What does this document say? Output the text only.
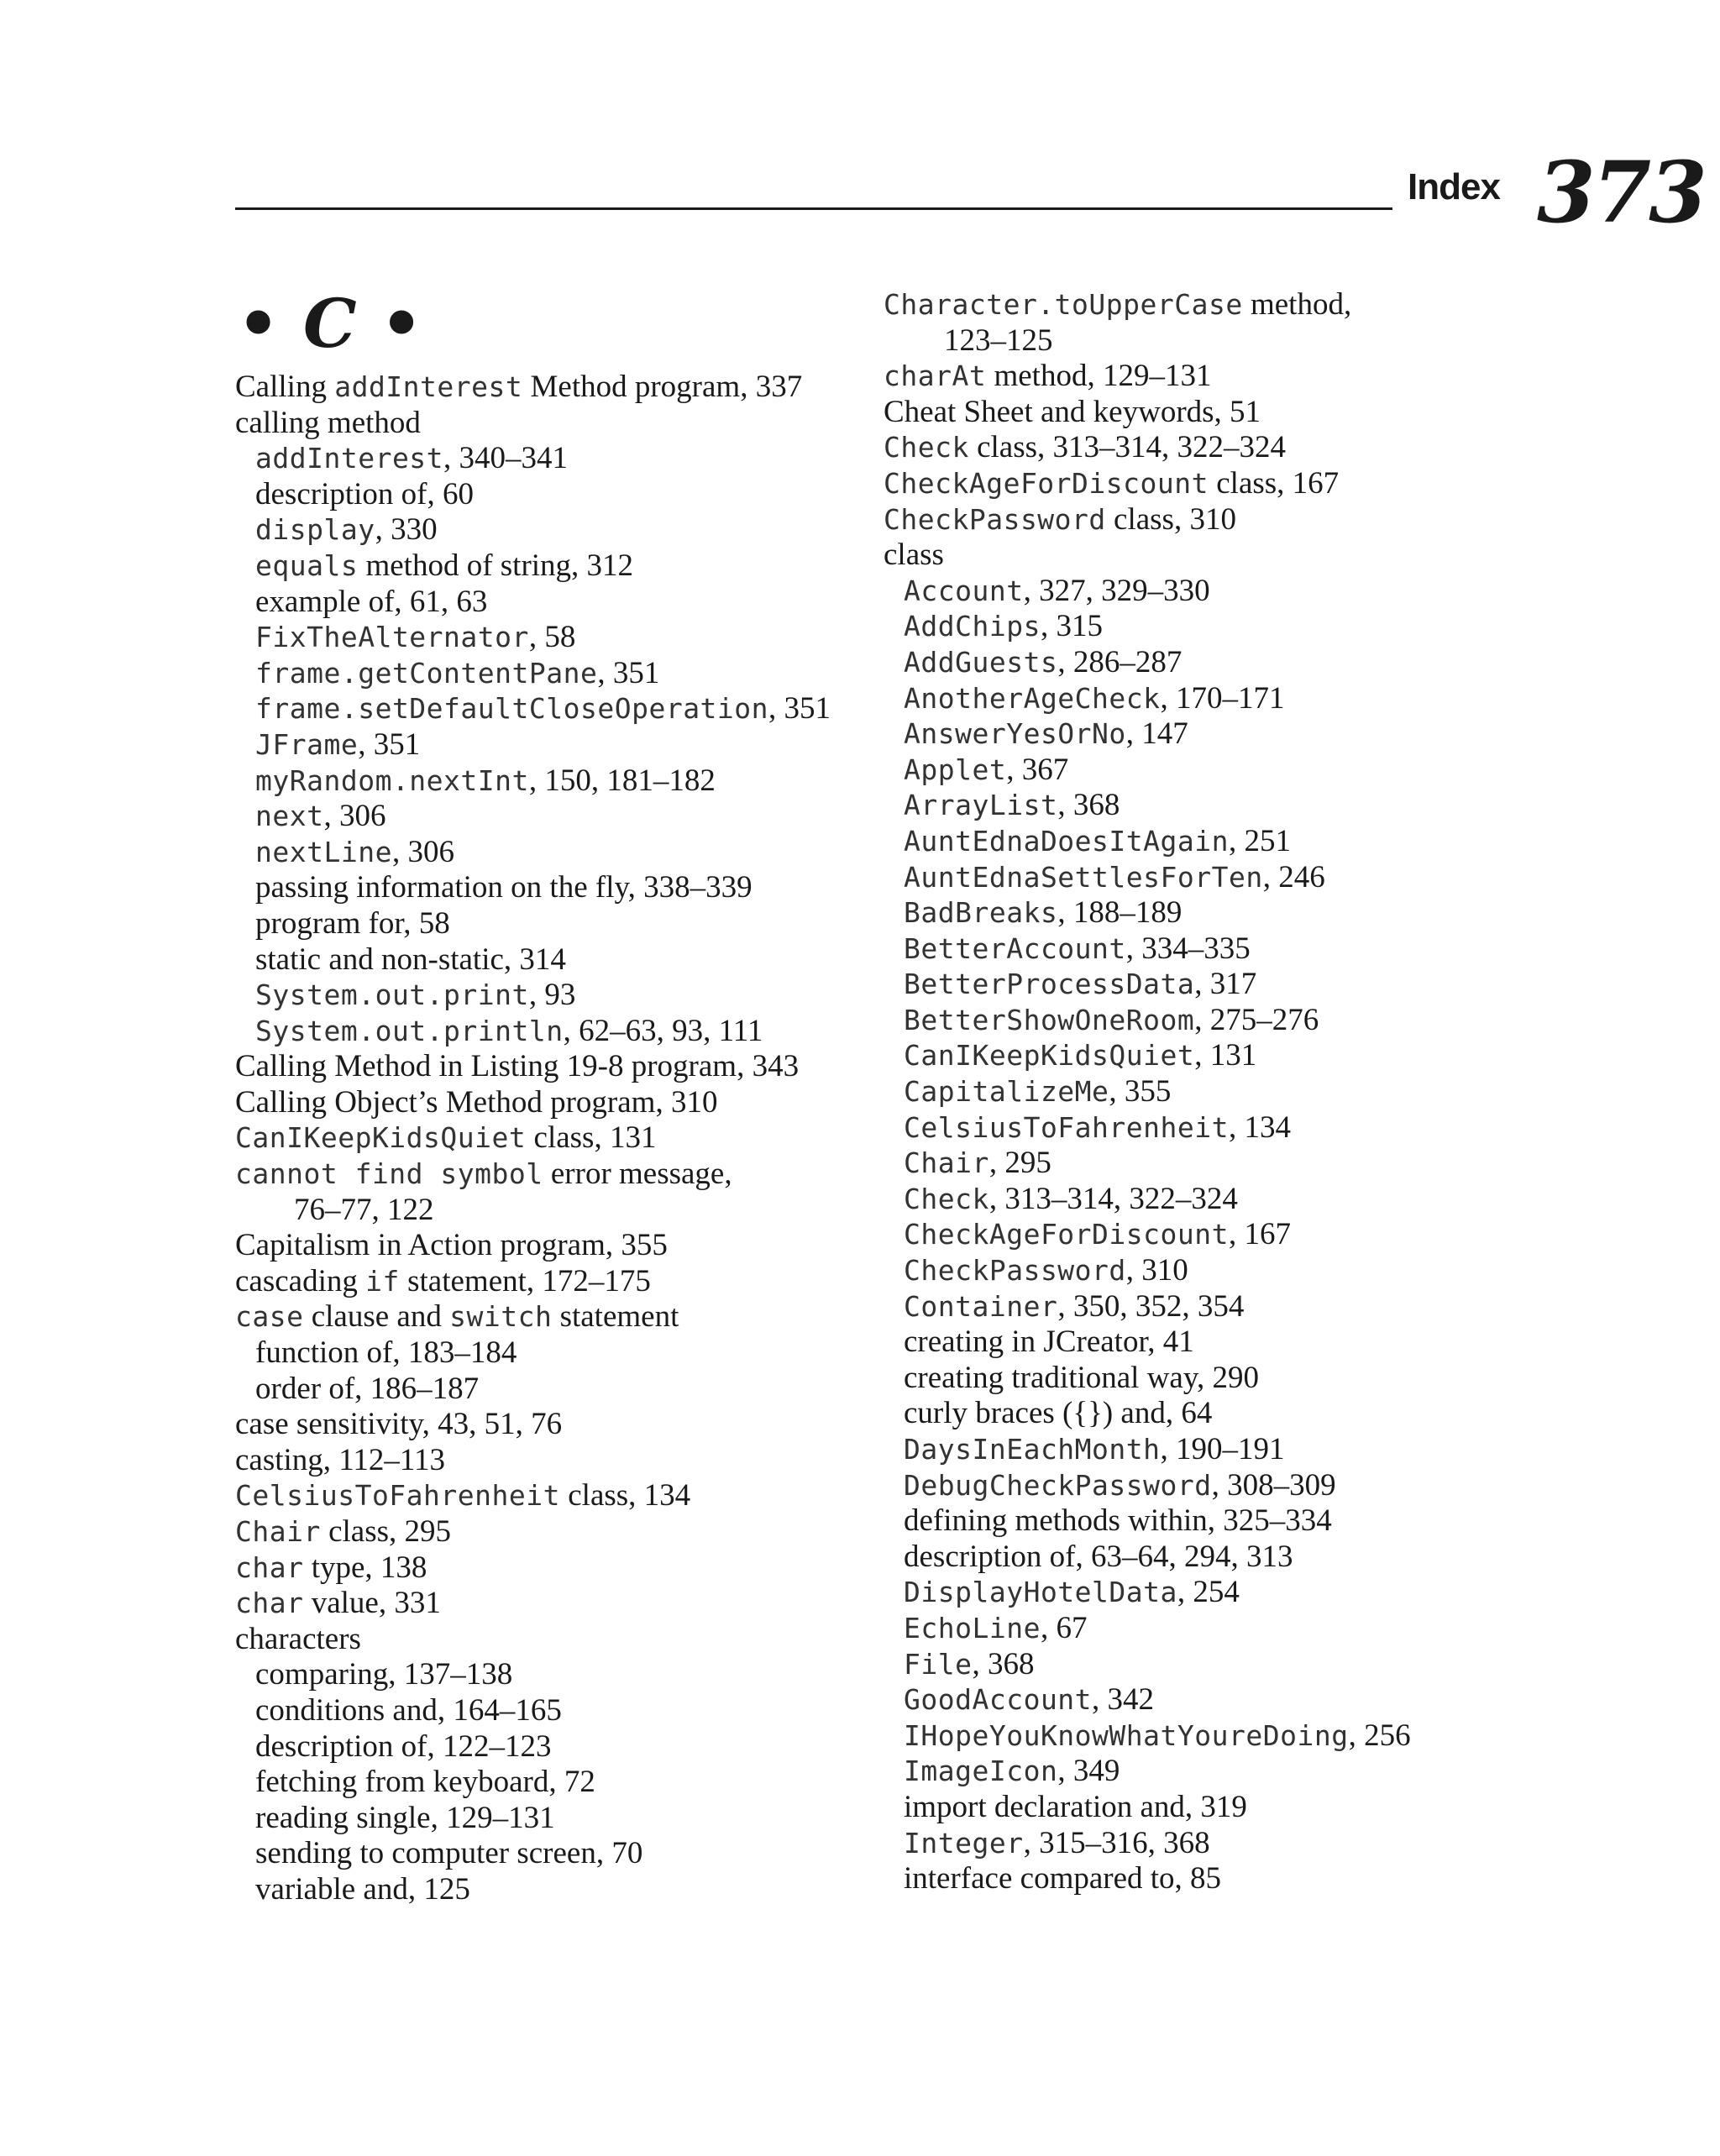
Index 373
• C •
Calling addInterest Method program, 337
calling method
addInterest, 340–341
description of, 60
display, 330
equals method of string, 312
example of, 61, 63
FixTheAlternator, 58
frame.getContentPane, 351
frame.setDefaultCloseOperation, 351
JFrame, 351
myRandom.nextInt, 150, 181–182
next, 306
nextLine, 306
passing information on the fly, 338–339
program for, 58
static and non-static, 314
System.out.print, 93
System.out.println, 62–63, 93, 111
Calling Method in Listing 19-8 program, 343
Calling Object’s Method program, 310
CanIKeepKidsQuiet class, 131
cannot find symbol error message,
76–77, 122
Capitalism in Action program, 355
cascading if statement, 172–175
case clause and switch statement
function of, 183–184
order of, 186–187
case sensitivity, 43, 51, 76
casting, 112–113
CelsiusToFahrenheit class, 134
Chair class, 295
char type, 138
char value, 331
characters
comparing, 137–138
conditions and, 164–165
description of, 122–123
fetching from keyboard, 72
reading single, 129–131
sending to computer screen, 70
variable and, 125
Character.toUpperCase method,
123–125
charAt method, 129–131
Cheat Sheet and keywords, 51
Check class, 313–314, 322–324
CheckAgeForDiscount class, 167
CheckPassword class, 310
class
Account, 327, 329–330
AddChips, 315
AddGuests, 286–287
AnotherAgeCheck, 170–171
AnswerYesOrNo, 147
Applet, 367
ArrayList, 368
AuntEdnaDoesItAgain, 251
AuntEdnaSettlesForTen, 246
BadBreaks, 188–189
BetterAccount, 334–335
BetterProcessData, 317
BetterShowOneRoom, 275–276
CanIKeepKidsQuiet, 131
CapitalizeMe, 355
CelsiusToFahrenheit, 134
Chair, 295
Check, 313–314, 322–324
CheckAgeForDiscount, 167
CheckPassword, 310
Container, 350, 352, 354
creating in JCreator, 41
creating traditional way, 290
curly braces ({}) and, 64
DaysInEachMonth, 190–191
DebugCheckPassword, 308–309
defining methods within, 325–334
description of, 63–64, 294, 313
DisplayHotelData, 254
EchoLine, 67
File, 368
GoodAccount, 342
IHopeYouKnowWhatYoureDoing, 256
ImageIcon, 349
import declaration and, 319
Integer, 315–316, 368
interface compared to, 85
